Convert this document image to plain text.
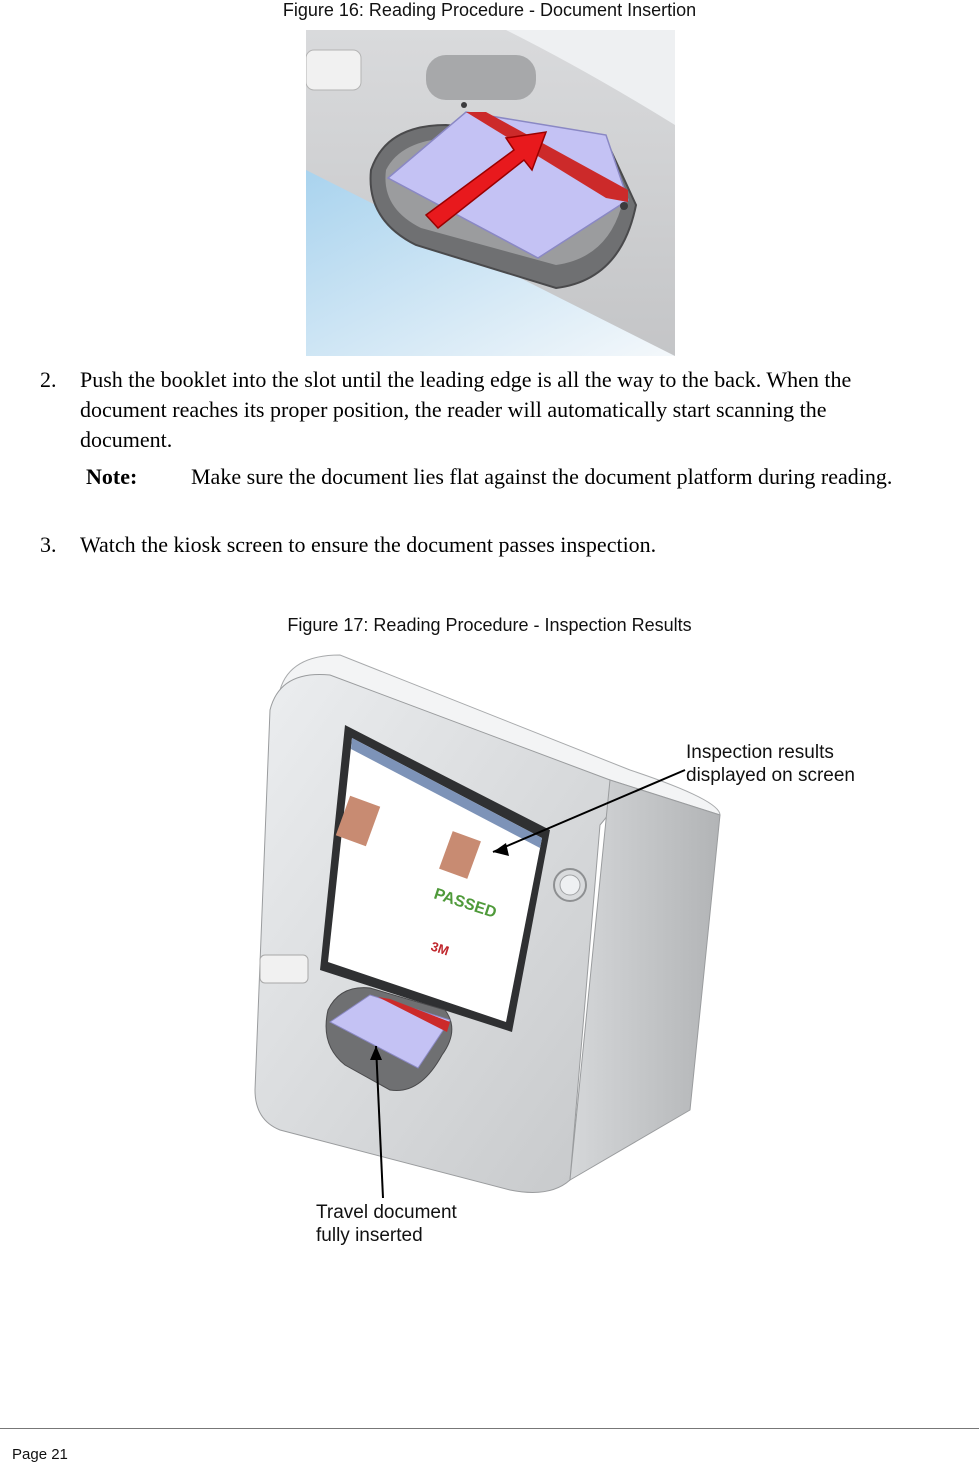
Figure 16: Reading Procedure - Document Insertion
2. Push the booklet into the slot until the leading edge is all the way to the back. When the document reaches its proper position, the reader will automatically start scanning the document.
Note: Make sure the document lies flat against the document platform during reading.
3. Watch the kiosk screen to ensure the document passes inspection.
Figure 17: Reading Procedure - Inspection Results
PASSED
3M
Inspection results displayed on screen
Travel document fully inserted
Page 21
